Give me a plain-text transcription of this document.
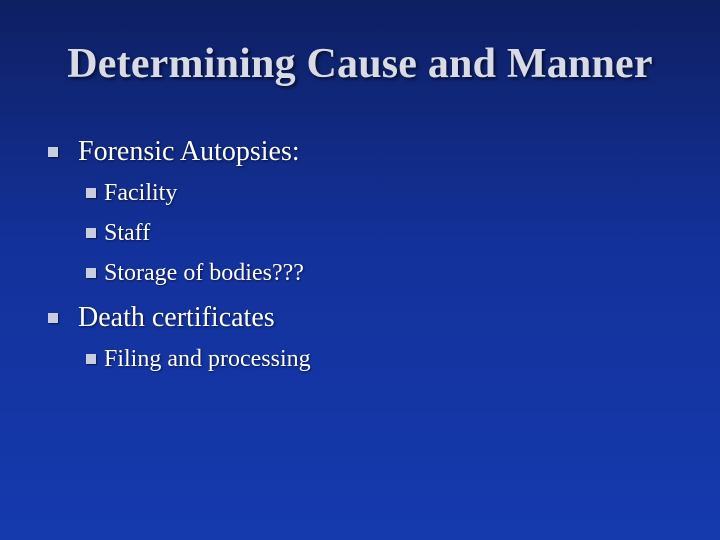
Determining Cause and Manner
Forensic Autopsies:
Facility
Staff
Storage of bodies???
Death certificates
Filing and processing
